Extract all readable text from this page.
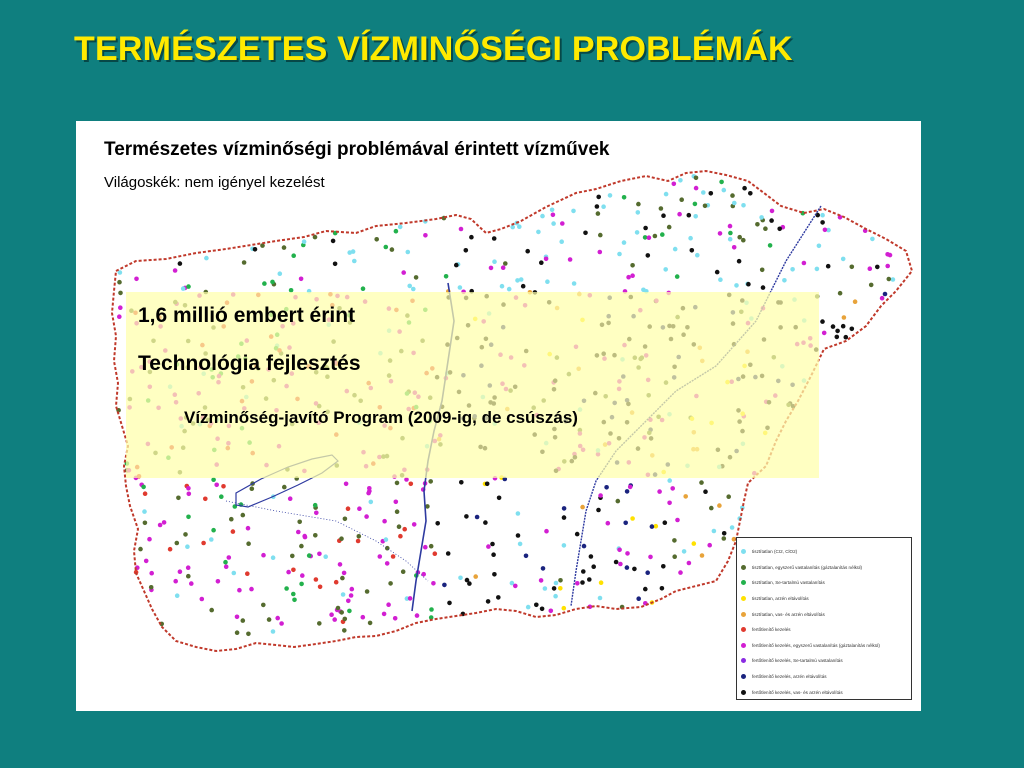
TERMÉSZETES VÍZMINŐSÉGI PROBLÉMÁK
Természetes vízminőségi problémával érintett vízművek
Világoskék: nem igényel kezelést
1,6 millió embert érint
Technológia fejlesztés
Vízminőség-javító Program (2009-ig, de csúszás)
tisztítatlan (CI2, ClO2)
tisztítatlan, egyszerű vastalanítás (gáztalanítás nélkül)
tisztítatlan, Se-tartalmú vastalanítás
tisztítatlan, arzén eltávolítás
tisztítatlan, vas- és arzén eltávolítás
fertőtlenítő kezelés
fertőtlenítő kezelés, egyszerű vastalanítás (gáztalanítás nélkül)
fertőtlenítő kezelés, Se-tartalmú vastalanítás
fertőtlenítő kezelés, arzén eltávolítás
fertőtlenítő kezelés, vas- és arzén eltávolítás
